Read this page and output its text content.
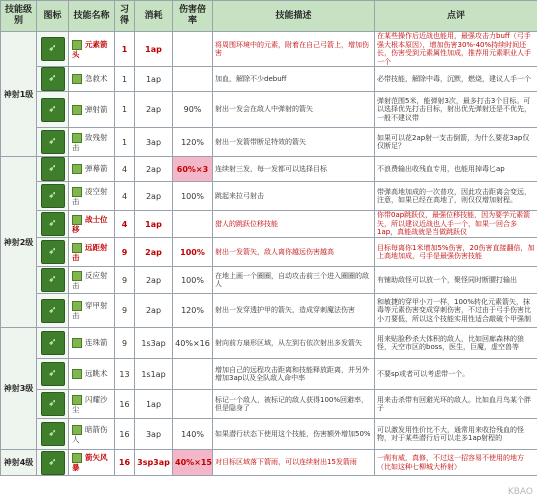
技能级别	图标	技能名称	习得	消耗	伤害倍率	技能描述	点评
神射1级	➶	元素箭头	1	1ap		将周围环境中的元素，附着在自己弓箭上，增加伤害	在某些操作后近战也能用，最强攻击力buff（弓手强大根本原因），增加伤害30%-40%持续时间还长，伤害受到元素属性加成，推荐用元素职业人手一个
	➶	急救术	1	1ap		加血，解除不少debuff	必带技能，解除中毒，沉默，燃烧，建议人手一个
	➶	弹射箭	1	2ap	90%	射出一发会在敌人中弹射的箭矢	弹射范围5米，能弹射3次，最多打击3个目标。可以选择优先打击目标，射出优先弹射还是不优先，一般不建议带
	➶	致残射击	1	3ap	120%	射出一发箭带断足特效的箭矢	如果可以花2ap射一支击倒箭，为什么要花3ap仅仅断足？
神射2级	➶	弹幕箭	4	2ap	60%×3	连续射三发，每一发都可以选择目标	不浪费输出收残血专用，也能用掉毒匕ap
	➶	凌空射击	4	2ap	100%	跳起来拉弓射击	带弹高地加成的一次普攻，因此攻击距离会变远，注意，如果已经在高地了，则仅仅增加射程。
	➶	战士位移	4	1ap		猎人的跳跃位移技能	你带0ap跳跃仪，最强位移技能，因为要学元素箭矢，所以建议近战也人手一个，如果一回合多1ap，真能战就是当做跳跃仪
	➶	远距射击	9	2ap	100%	射出一发箭矢，敌人离你越远伤害越高	目标每离你1米增加5%伤害，20伤害直接翻倍，加上高地加成，弓手是最强伤害技能
	➶	反应射击	9	2ap	100%	在地上画一个圈圈，自动攻击前三个进入圈圈的敌人	有铺助敌怪可以放一个，聚怪同时断腰打输出
	➶	穿甲射击	9	2ap	120%	射出一发穿透护甲的箭矢，造成穿刺魔法伤害	和敏捷的穿甲小刀一样，100%转化元素箭矢，抹毒等元素伤害变成穿刺伤害，不过由于弓手伤害比小刀要低，所以这个技能实用性适合敲破个甲强制
神射3级	➶	连珠箭	9	1s3ap	40%×16	射向前方扇形区域，从左到右依次射出多发箭矢	用来贴脸秒杀大体积的敌人，比如回廊森林的狼怪，天空市区的boss，医生，巨魔，虚空兽等
	➶	远眺术	13	1s1ap		增加自己的远程攻击距离和技能释放距离，并另外增加3ap以及全队敌人命中率	不要sp或者可以考虑带一个。
	➶	闪耀沙尘	16	1ap		标记一个敌人，被标记的敌人获得100%回避率，但是隐身了	用来击杀带有回避光环的敌人。比如血月鸟某个胖子
	➶	暗箭伤人	16	3ap	140%	如果潜行状态下使用这个技能，伤害额外增加50%	可以激发用性价比不大，通常用来收拾残血的怪物，对于某些潜行后可以走多1ap射程的
神射4级	➶	箭矢风暴	16	3sp3ap	40%×15	对目标区域落下箭雨，可以连续射出15发箭雨	一削有威，真修，不过这一招容易不使用的地方（比如这种七柳城大桥射）
KBAO
